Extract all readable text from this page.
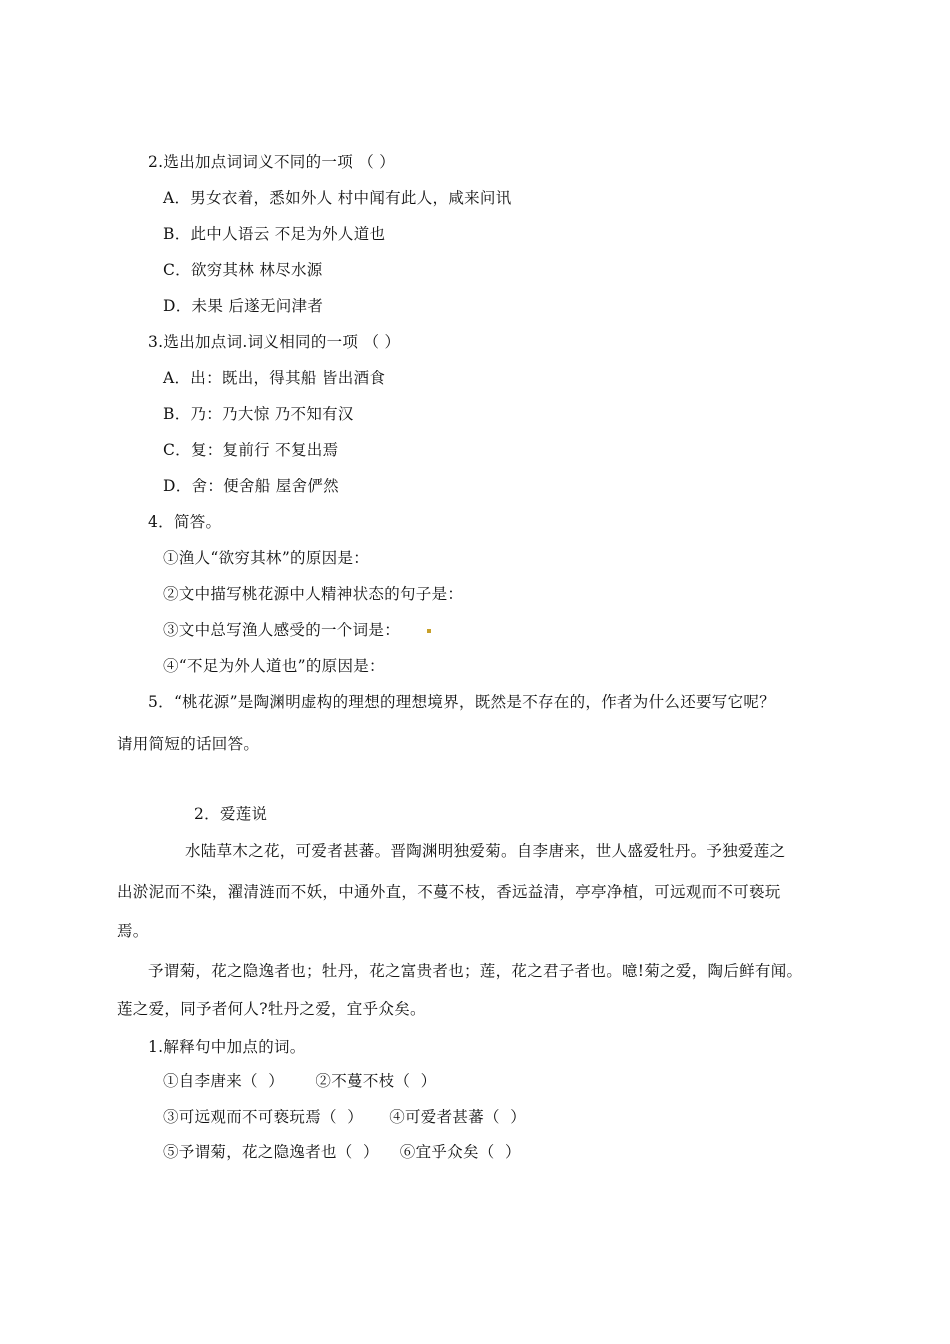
2.选出加点词词义不同的一项 （ ）
A．男女衣着，悉如外人 村中闻有此人，咸来问讯
B．此中人语云 不足为外人道也
C．欲穷其林 林尽水源
D．未果 后遂无问津者
3.选出加点词.词义相同的一项 （ ）
A．出：既出，得其船 皆出酒食
B．乃：乃大惊 乃不知有汉
C．复：复前行 不复出焉
D．舍：便舍船 屋舍俨然
4．简答。
①渔人“欲穷其林”的原因是：
②文中描写桃花源中人精神状态的句子是：
③文中总写渔人感受的一个词是：
④“不足为外人道也”的原因是：
5．“桃花源”是陶渊明虚构的理想的理想境界，既然是不存在的，作者为什么还要写它呢？
请用简短的话回答。
2．爱莲说
水陆草木之花，可爱者甚蕃。晋陶渊明独爱菊。自李唐来，世人盛爱牡丹。予独爱莲之
出淤泥而不染，濯清涟而不妖，中通外直，不蔓不枝，香远益清，亭亭净植，可远观而不可亵玩
焉。
予谓菊，花之隐逸者也；牡丹，花之富贵者也；莲，花之君子者也。噫!菊之爱，陶后鲜有闻。
莲之爱，同予者何人?牡丹之爱，宜乎众矣。
1.解释句中加点的词。
①自李唐来（  ）      ②不蔓不枝（  ）
③可远观而不可亵玩焉（  ）     ④可爱者甚蕃（  ）
⑤予谓菊，花之隐逸者也（  ）    ⑥宜乎众矣（  ）
